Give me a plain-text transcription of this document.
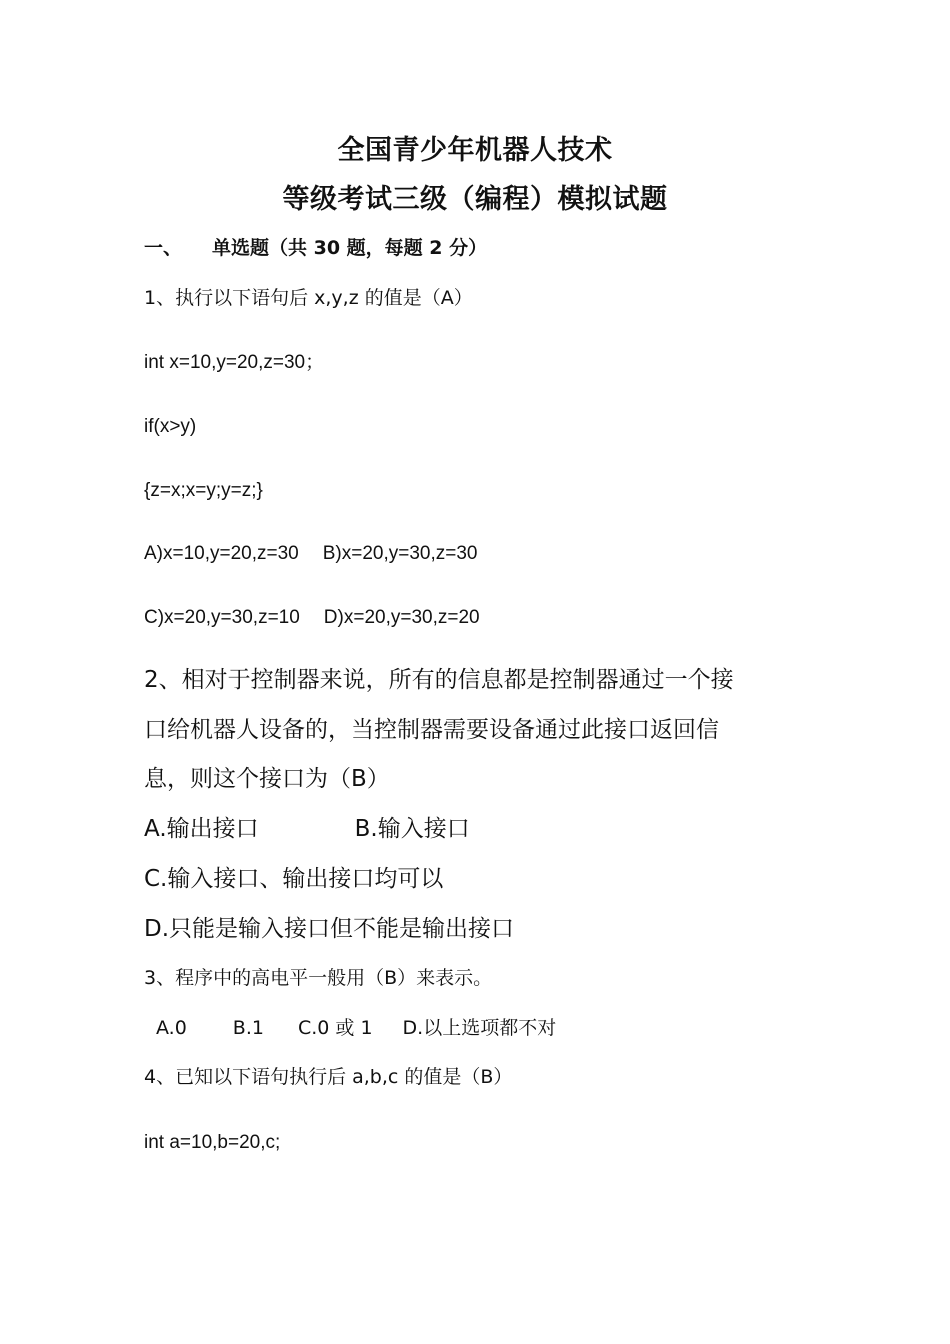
全国青少年机器人技术
等级考试三级（编程）模拟试题
一、 单选题（共 30 题，每题 2 分）
1、执行以下语句后 x,y,z 的值是（A）
int x=10,y=20,z=30；
if(x>y)
{z=x;x=y;y=z;}
A)x=10,y=20,z=30 B)x=20,y=30,z=30
C)x=20,y=30,z=10 D)x=20,y=30,z=20
2、相对于控制器来说，所有的信息都是控制器通过一个接
口给机器人设备的，当控制器需要设备通过此接口返回信
息，则这个接口为（B）
A.输出接口	B.输入接口
C.输入接口、输出接口均可以
D.只能是输入接口但不能是输出接口
3、程序中的高电平一般用（B）来表示。
A.0 B.1 C.0 或 1 D.以上选项都不对
4、已知以下语句执行后 a,b,c 的值是（B）
int a=10,b=20,c;
